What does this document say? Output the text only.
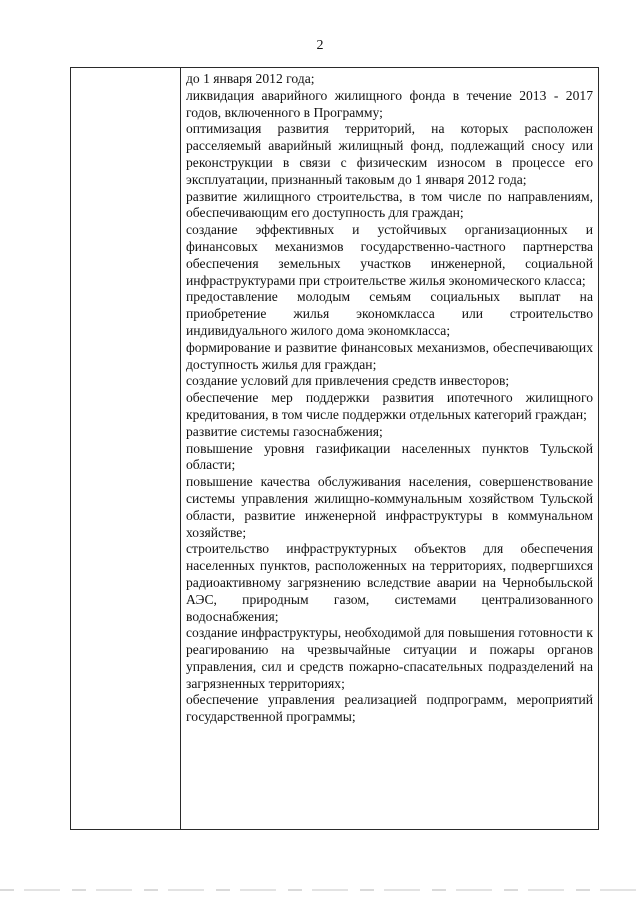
2

до 1 января 2012 года;

ликвидация аварийного жилищного фонда в течение 2013 - 2017 годов, включенного в Программу;

оптимизация развития территорий, на которых расположен расселяемый аварийный жилищный фонд, подлежащий сносу или реконструкции в связи с физическим износом в процессе его эксплуатации, признанный таковым до 1 января 2012 года;

развитие жилищного строительства, в том числе по направлениям, обеспечивающим его доступность для граждан;

создание эффективных и устойчивых организационных и финансовых механизмов государственно-частного партнерства обеспечения земельных участков инженерной, социальной инфраструктурами при строительстве жилья экономического класса;

предоставление молодым семьям социальных выплат на приобретение жилья экономкласса или строительство индивидуального жилого дома экономкласса;

формирование и развитие финансовых механизмов, обеспечивающих доступность жилья для граждан;

создание условий для привлечения средств инвесторов;

обеспечение мер поддержки развития ипотечного жилищного кредитования, в том числе поддержки отдельных категорий граждан;

развитие системы газоснабжения;

повышение уровня газификации населенных пунктов Тульской области;

повышение качества обслуживания населения, совершенствование системы управления жилищно-коммунальным хозяйством Тульской области, развитие инженерной инфраструктуры в коммунальном хозяйстве;

строительство инфраструктурных объектов для обеспечения населенных пунктов, расположенных на территориях, подвергшихся радиоактивному загрязнению вследствие аварии на Чернобыльской АЭС, природным газом, системами централизованного водоснабжения;

создание инфраструктуры, необходимой для повышения готовности к реагированию на чрезвычайные ситуации и пожары органов управления, сил и средств пожарно-спасательных подразделений на загрязненных территориях;

обеспечение управления реализацией подпрограмм, мероприятий государственной программы;
